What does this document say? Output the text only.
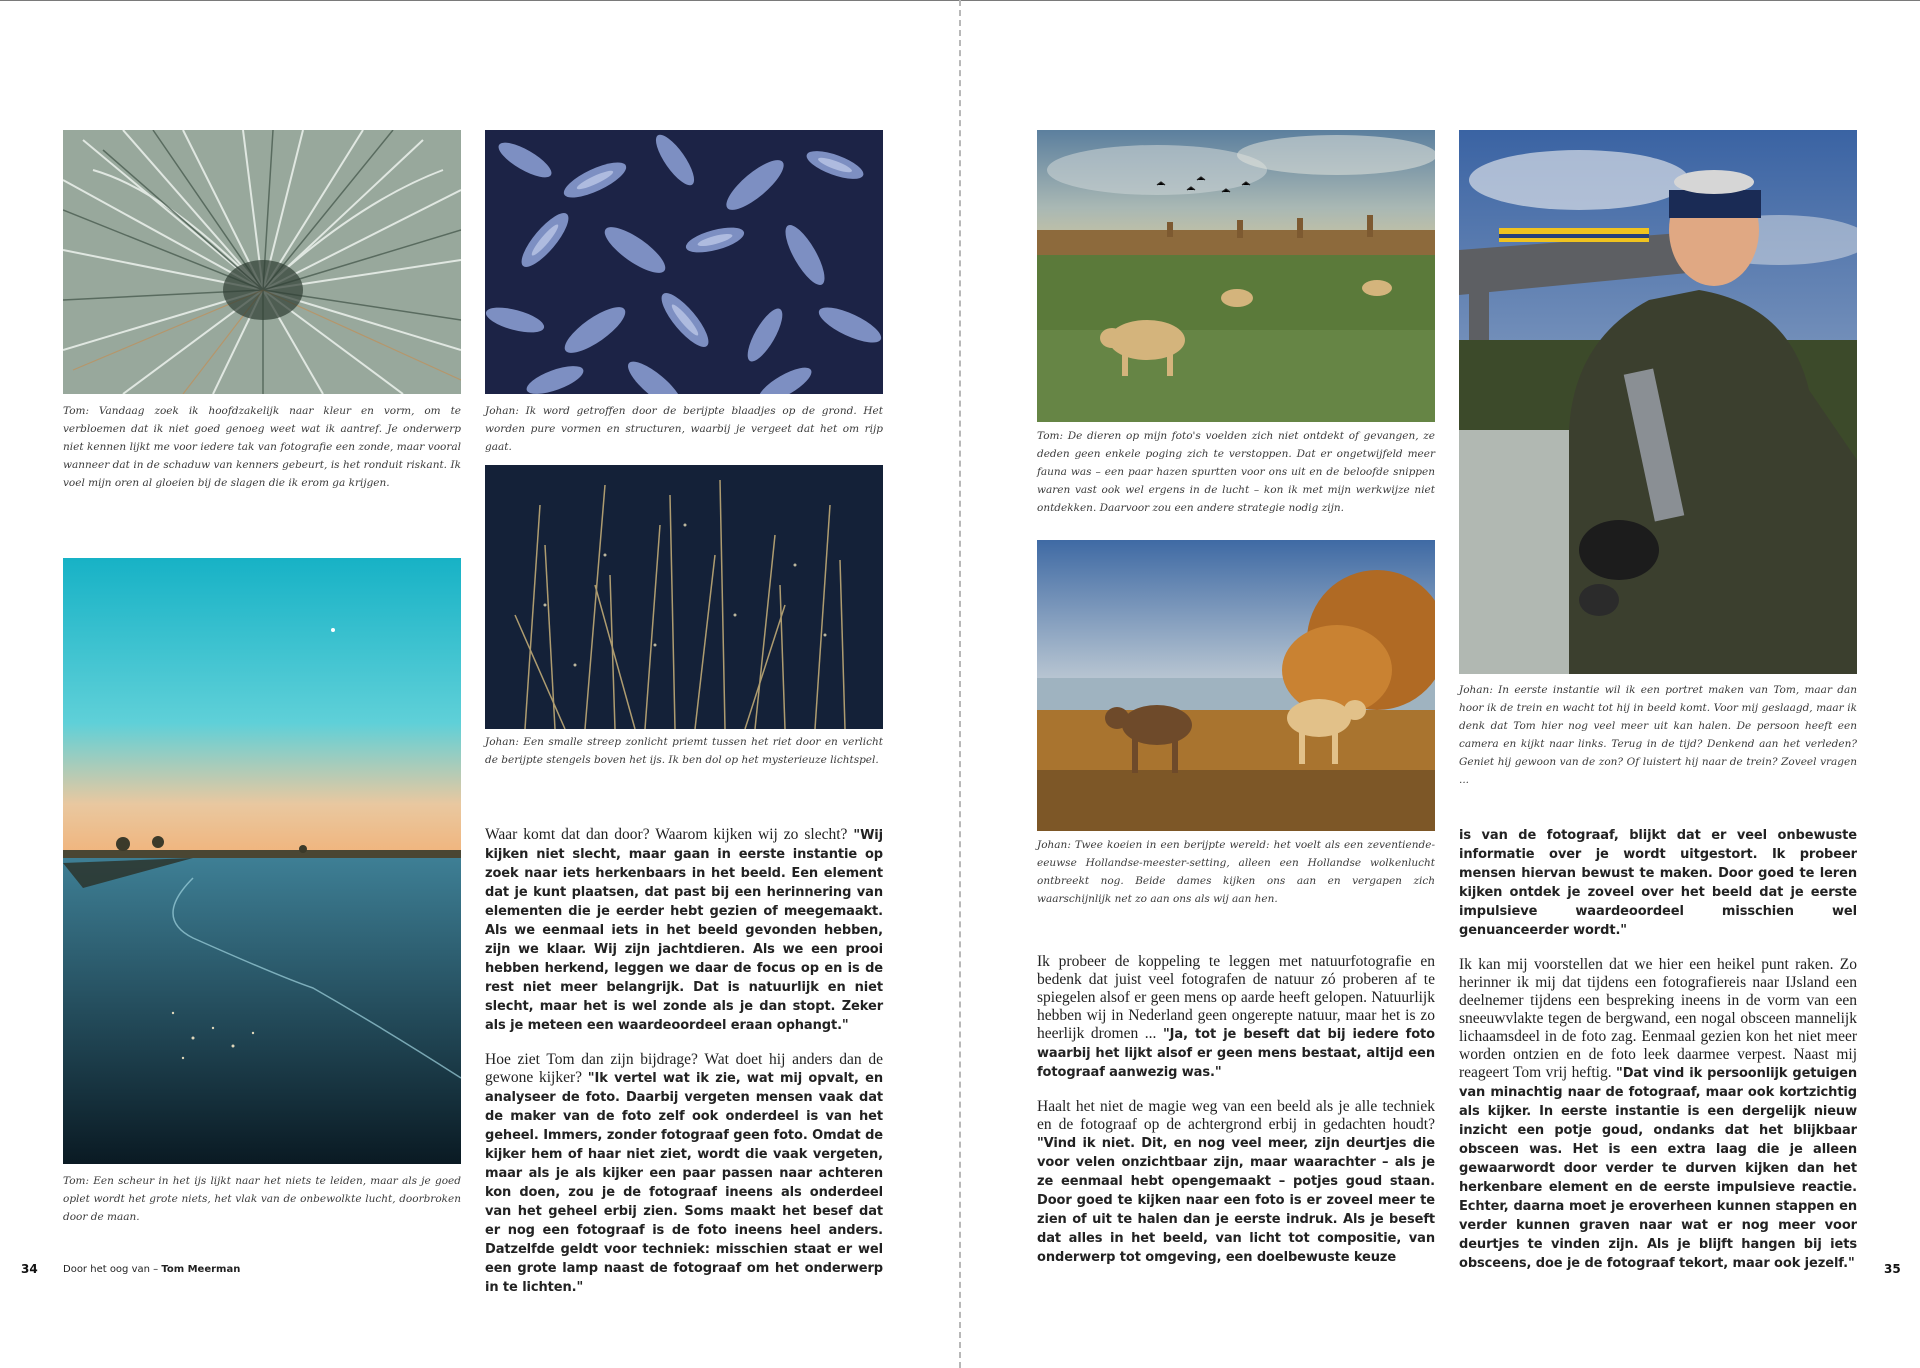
Tom: Vandaag zoek ik hoofdzakelijk naar kleur en vorm, om te verbloemen dat ik niet goed genoeg weet wat ik aantref. Je onderwerp niet kennen lijkt me voor iedere tak van fotografie een zonde, maar vooral wanneer dat in de schaduw van kenners gebeurt, is het ronduit riskant. Ik voel mijn oren al gloeien bij de slagen die ik erom ga krijgen.

Johan: Ik word getroffen door de berijpte blaadjes op de grond. Het worden pure vormen en structuren, waarbij je vergeet dat het om rijp gaat.

Johan: Een smalle streep zonlicht priemt tussen het riet door en verlicht de berijpte stengels boven het ijs. Ik ben dol op het mysterieuze lichtspel.

Tom: Een scheur in het ijs lijkt naar het niets te leiden, maar als je goed oplet wordt het grote niets, het vlak van de onbewolkte lucht, doorbroken door de maan.

Waar komt dat dan door? Waarom kijken wij zo slecht? "Wij kijken niet slecht, maar gaan in eerste instantie op zoek naar iets herkenbaars in het beeld. Een element dat je kunt plaatsen, dat past bij een herinnering van elementen die je eerder hebt gezien of meegemaakt. Als we eenmaal iets in het beeld gevonden hebben, zijn we klaar. Wij zijn jachtdieren. Als we een prooi hebben herkend, leggen we daar de focus op en is de rest niet meer belangrijk. Dat is natuurlijk en niet slecht, maar het is wel zonde als je dan stopt. Zeker als je meteen een waardeoordeel eraan ophangt."

Hoe ziet Tom dan zijn bijdrage? Wat doet hij anders dan de gewone kijker? "Ik vertel wat ik zie, wat mij opvalt, en analyseer de foto. Daarbij vergeten mensen vaak dat de maker van de foto zelf ook onderdeel is van het geheel. Immers, zonder fotograaf geen foto. Omdat de kijker hem of haar niet ziet, wordt die vaak vergeten, maar als je als kijker een paar passen naar achteren kon doen, zou je de fotograaf ineens als onderdeel van het geheel erbij zien. Soms maakt het besef dat er nog een fotograaf is de foto ineens heel anders. Datzelfde geldt voor techniek: misschien staat er wel een grote lamp naast de fotograaf om het onderwerp in te lichten."

34	Door het oog van – Tom Meerman

Tom: De dieren op mijn foto's voelden zich niet ontdekt of gevangen, ze deden geen enkele poging zich te verstoppen. Dat er ongetwijfeld meer fauna was – een paar hazen spurtten voor ons uit en de beloofde snippen waren vast ook wel ergens in de lucht – kon ik met mijn werkwijze niet ontdekken. Daarvoor zou een andere strategie nodig zijn.

Johan: Twee koeien in een berijpte wereld: het voelt als een zeventiende-eeuwse Hollandse-meester-setting, alleen een Hollandse wolkenlucht ontbreekt nog. Beide dames kijken ons aan en vergapen zich waarschijnlijk net zo aan ons als wij aan hen.

Johan: In eerste instantie wil ik een portret maken van Tom, maar dan hoor ik de trein en wacht tot hij in beeld komt. Voor mij geslaagd, maar ik denk dat Tom hier nog veel meer uit kan halen. De persoon heeft een camera en kijkt naar links. Terug in de tijd? Denkend aan het verleden? Geniet hij gewoon van de zon? Of luistert hij naar de trein? Zoveel vragen ...

Ik probeer de koppeling te leggen met natuurfotografie en bedenk dat juist veel fotografen de natuur zó proberen af te spiegelen alsof er geen mens op aarde heeft gelopen. Natuurlijk hebben wij in Nederland geen ongerepte natuur, maar het is zo heerlijk dromen ... "Ja, tot je beseft dat bij iedere foto waarbij het lijkt alsof er geen mens bestaat, altijd een fotograaf aanwezig was."

Haalt het niet de magie weg van een beeld als je alle techniek en de fotograaf op de achtergrond erbij in gedachten houdt? "Vind ik niet. Dit, en nog veel meer, zijn deurtjes die voor velen onzichtbaar zijn, maar waarachter – als je ze eenmaal hebt opengemaakt – potjes goud staan. Door goed te kijken naar een foto is er zoveel meer te zien of uit te halen dan je eerste indruk. Als je beseft dat alles in het beeld, van licht tot compositie, van onderwerp tot omgeving, een doelbewuste keuze

is van de fotograaf, blijkt dat er veel onbewuste informatie over je wordt uitgestort. Ik probeer mensen hiervan bewust te maken. Door goed te leren kijken ontdek je zoveel over het beeld dat je eerste impulsieve waardeoordeel misschien wel genuanceerder wordt."

Ik kan mij voorstellen dat we hier een heikel punt raken. Zo herinner ik mij dat tijdens een fotografiereis naar IJsland een deelnemer tijdens een bespreking ineens in de vorm van een sneeuwvlakte tegen de bergwand, een nogal obsceen mannelijk lichaamsdeel in de foto zag. Eenmaal gezien kon het niet meer worden ontzien en de foto leek daarmee verpest. Naast mij reageert Tom vrij heftig. "Dat vind ik persoonlijk getuigen van minachtig naar de fotograaf, maar ook kortzichtig als kijker. In eerste instantie is een dergelijk nieuw inzicht een potje goud, ondanks dat het blijkbaar obsceen was. Het is een extra laag die je alleen gewaarwordt door verder te durven kijken dan het herkenbare element en de eerste impulsieve reactie. Echter, daarna moet je eroverheen kunnen stappen en verder kunnen graven naar wat er nog meer voor deurtjes te vinden zijn. Als je blijft hangen bij iets obsceens, doe je de fotograaf tekort, maar ook jezelf." 35
